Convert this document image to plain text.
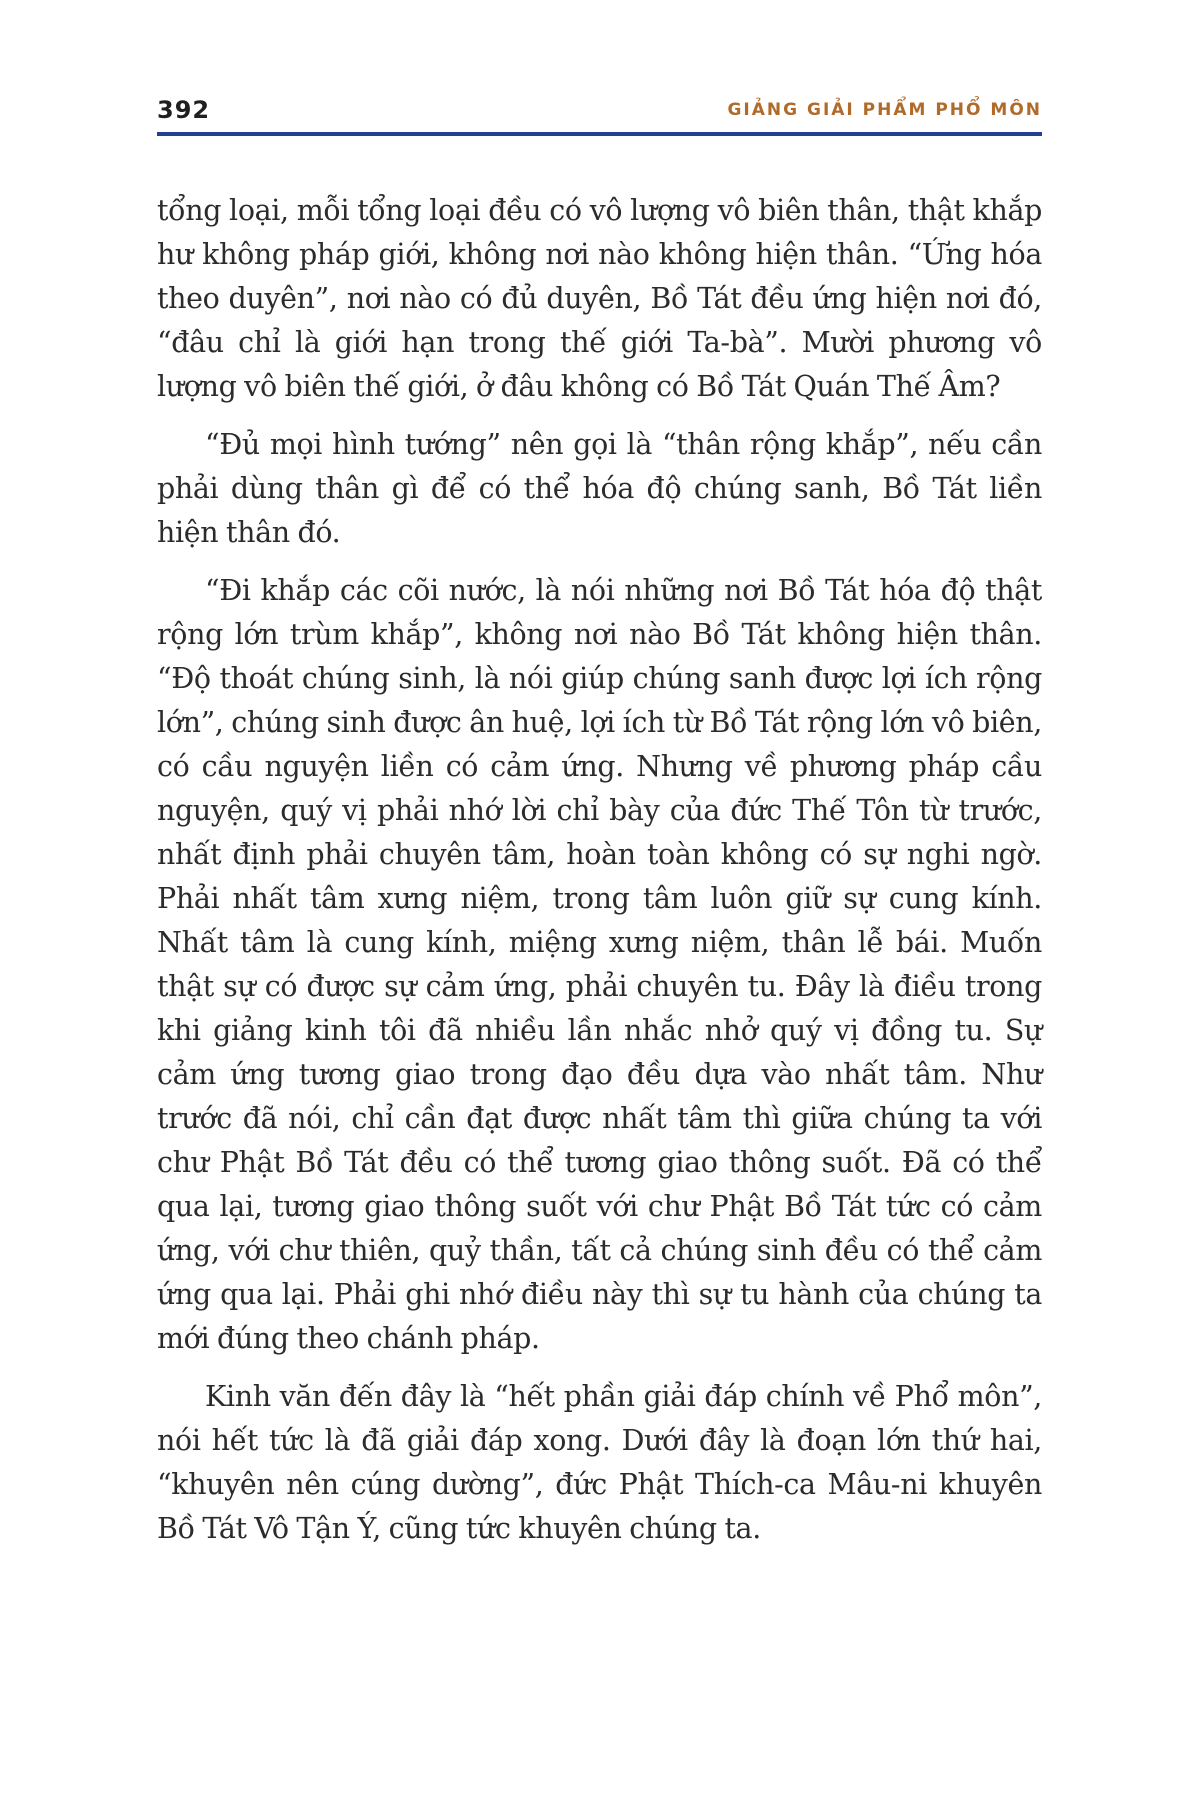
392	GIẢNG GIẢI PHẨM PHỔ MÔN

tổng loại, mỗi tổng loại đều có vô lượng vô biên thân, thật khắp hư không pháp giới, không nơi nào không hiện thân. “Ứng hóa theo duyên”, nơi nào có đủ duyên, Bồ Tát đều ứng hiện nơi đó, “đâu chỉ là giới hạn trong thế giới Ta-bà”. Mười phương vô lượng vô biên thế giới, ở đâu không có Bồ Tát Quán Thế Âm?

“Đủ mọi hình tướng” nên gọi là “thân rộng khắp”, nếu cần phải dùng thân gì để có thể hóa độ chúng sanh, Bồ Tát liền hiện thân đó.

“Đi khắp các cõi nước, là nói những nơi Bồ Tát hóa độ thật rộng lớn trùm khắp”, không nơi nào Bồ Tát không hiện thân. “Độ thoát chúng sinh, là nói giúp chúng sanh được lợi ích rộng lớn”, chúng sinh được ân huệ, lợi ích từ Bồ Tát rộng lớn vô biên, có cầu nguyện liền có cảm ứng. Nhưng về phương pháp cầu nguyện, quý vị phải nhớ lời chỉ bày của đức Thế Tôn từ trước, nhất định phải chuyên tâm, hoàn toàn không có sự nghi ngờ. Phải nhất tâm xưng niệm, trong tâm luôn giữ sự cung kính. Nhất tâm là cung kính, miệng xưng niệm, thân lễ bái. Muốn thật sự có được sự cảm ứng, phải chuyên tu. Đây là điều trong khi giảng kinh tôi đã nhiều lần nhắc nhở quý vị đồng tu. Sự cảm ứng tương giao trong đạo đều dựa vào nhất tâm. Như trước đã nói, chỉ cần đạt được nhất tâm thì giữa chúng ta với chư Phật Bồ Tát đều có thể tương giao thông suốt. Đã có thể qua lại, tương giao thông suốt với chư Phật Bồ Tát tức có cảm ứng, với chư thiên, quỷ thần, tất cả chúng sinh đều có thể cảm ứng qua lại. Phải ghi nhớ điều này thì sự tu hành của chúng ta mới đúng theo chánh pháp.

Kinh văn đến đây là “hết phần giải đáp chính về Phổ môn”, nói hết tức là đã giải đáp xong. Dưới đây là đoạn lớn thứ hai, “khuyên nên cúng dường”, đức Phật Thích-ca Mâu-ni khuyên Bồ Tát Vô Tận Ý, cũng tức khuyên chúng ta.
